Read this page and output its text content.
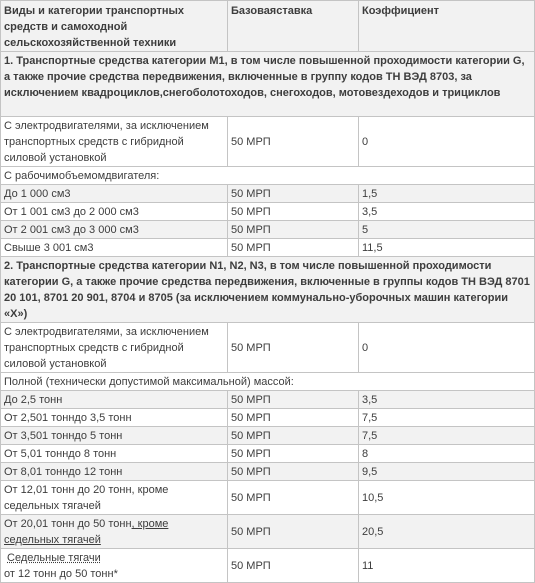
Виды и категории транспортных средств и самоходной сельскохозяйственной техники	Базоваяставка	Коэффициент
1. Транспортные средства категории M1, в том числе повышенной проходимости категории G, а также прочие средства передвижения, включенные в группу кодов ТН ВЭД 8703, за исключением квадроциклов,снегоболотоходов, снегоходов, мотовездеходов и трициклов		
С электродвигателями, за исключением транспортных средств с гибридной силовой установкой	50 МРП	0
С рабочимобъемомдвигателя:		
До 1 000 см3	50 МРП	1,5
От 1 001 см3 до 2 000 см3	50 МРП	3,5
От 2 001 см3 до 3 000 см3	50 МРП	5
Свыше 3 001 см3	50 МРП	11,5
2. Транспортные средства категории N1, N2, N3, в том числе повышенной проходимости категории G, а также прочие средства передвижения, включенные в группы кодов ТН ВЭД 8701 20 101, 8701 20 901, 8704 и 8705 (за исключением коммунально-уборочных машин категории «Х»)		
С электродвигателями, за исключением транспортных средств с гибридной силовой установкой	50 МРП	0
Полной (технически допустимой максимальной) массой:		
До 2,5 тонн	50 МРП	3,5
От 2,501 тонндо 3,5 тонн	50 МРП	7,5
От 3,501 тонндо 5 тонн	50 МРП	7,5
От 5,01 тонндо 8 тонн	50 МРП	8
От 8,01 тонндо 12 тонн	50 МРП	9,5
От 12,01 тонн до 20 тонн, кроме седельных тягачей	50 МРП	10,5
От 20,01 тонн до 50 тонн, кроме седельных тягачей	50 МРП	20,5
Седельные тягачи
от 12 тонн до 50 тонн*	50 МРП	11
